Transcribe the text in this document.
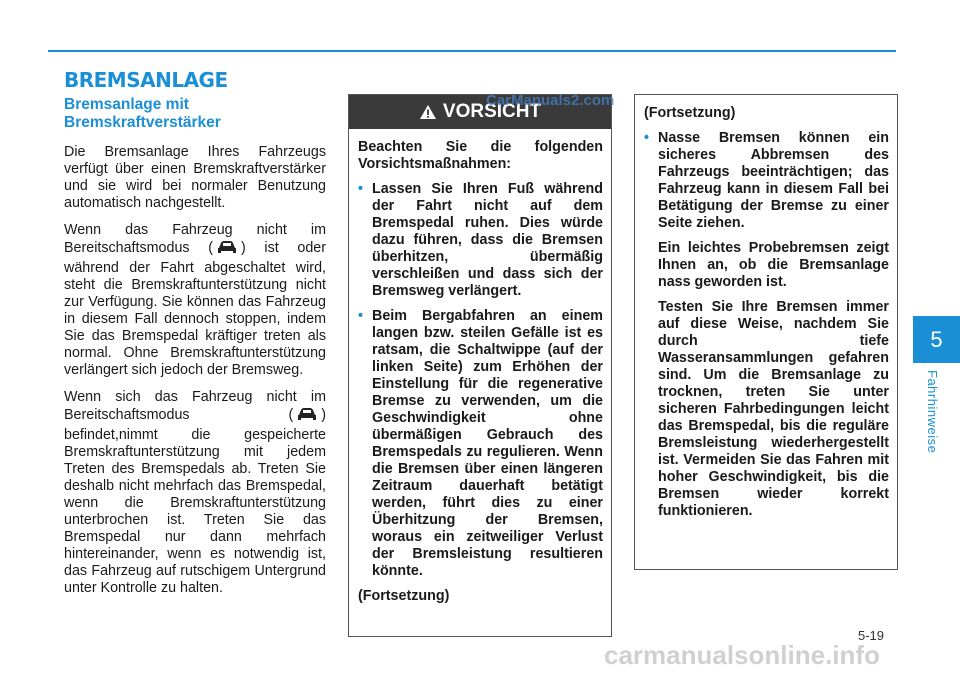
BREMSANLAGE
Bremsanlage mit Bremskraftverstärker

Die Bremsanlage Ihres Fahrzeugs verfügt über einen Bremskraftverstärker und sie wird bei normaler Benutzung automatisch nachgestellt.

Wenn das Fahrzeug nicht im Bereitschaftsmodus ( ) ist oder während der Fahrt abgeschaltet wird, steht die Bremskraftunterstützung nicht zur Verfügung. Sie können das Fahrzeug in diesem Fall dennoch stoppen, indem Sie das Bremspedal kräftiger treten als normal. Ohne Bremskraftunterstützung verlängert sich jedoch der Bremsweg.

Wenn sich das Fahrzeug nicht im Bereitschaftsmodus ( ) befindet,nimmt die gespeicherte Bremskraftunterstützung mit jedem Treten des Bremspedals ab. Treten Sie deshalb nicht mehrfach das Bremspedal, wenn die Bremskraftunterstützung unterbrochen ist. Treten Sie das Bremspedal nur dann mehrfach hintereinander, wenn es notwendig ist, das Fahrzeug auf rutschigem Untergrund unter Kontrolle zu halten.

VORSICHT

Beachten Sie die folgenden Vorsichtsmaßnahmen:

• Lassen Sie Ihren Fuß während der Fahrt nicht auf dem Bremspedal ruhen. Dies würde dazu führen, dass die Bremsen überhitzen, übermäßig verschleißen und dass sich der Bremsweg verlängert.
• Beim Bergabfahren an einem langen bzw. steilen Gefälle ist es ratsam, die Schaltwippe (auf der linken Seite) zum Erhöhen der Einstellung für die regenerative Bremse zu verwenden, um die Geschwindigkeit ohne übermäßigen Gebrauch des Bremspedals zu regulieren. Wenn die Bremsen über einen längeren Zeitraum dauerhaft betätigt werden, führt dies zu einer Überhitzung der Bremsen, woraus ein zeitweiliger Verlust der Bremsleistung resultieren könnte.

(Fortsetzung)

(Fortsetzung)

• Nasse Bremsen können ein sicheres Abbremsen des Fahrzeugs beeinträchtigen; das Fahrzeug kann in diesem Fall bei Betätigung der Bremse zu einer Seite ziehen.
Ein leichtes Probebremsen zeigt Ihnen an, ob die Bremsanlage nass geworden ist.
Testen Sie Ihre Bremsen immer auf diese Weise, nachdem Sie durch tiefe Wasseransammlungen gefahren sind. Um die Bremsanlage zu trocknen, treten Sie unter sicheren Fahrbedingungen leicht das Bremspedal, bis die reguläre Bremsleistung wiederhergestellt ist. Vermeiden Sie das Fahren mit hoher Geschwindigkeit, bis die Bremsen wieder korrekt funktionieren.
5
Fahrhinweise
5-19
CarManuals2.com
carmanualsonline.info
